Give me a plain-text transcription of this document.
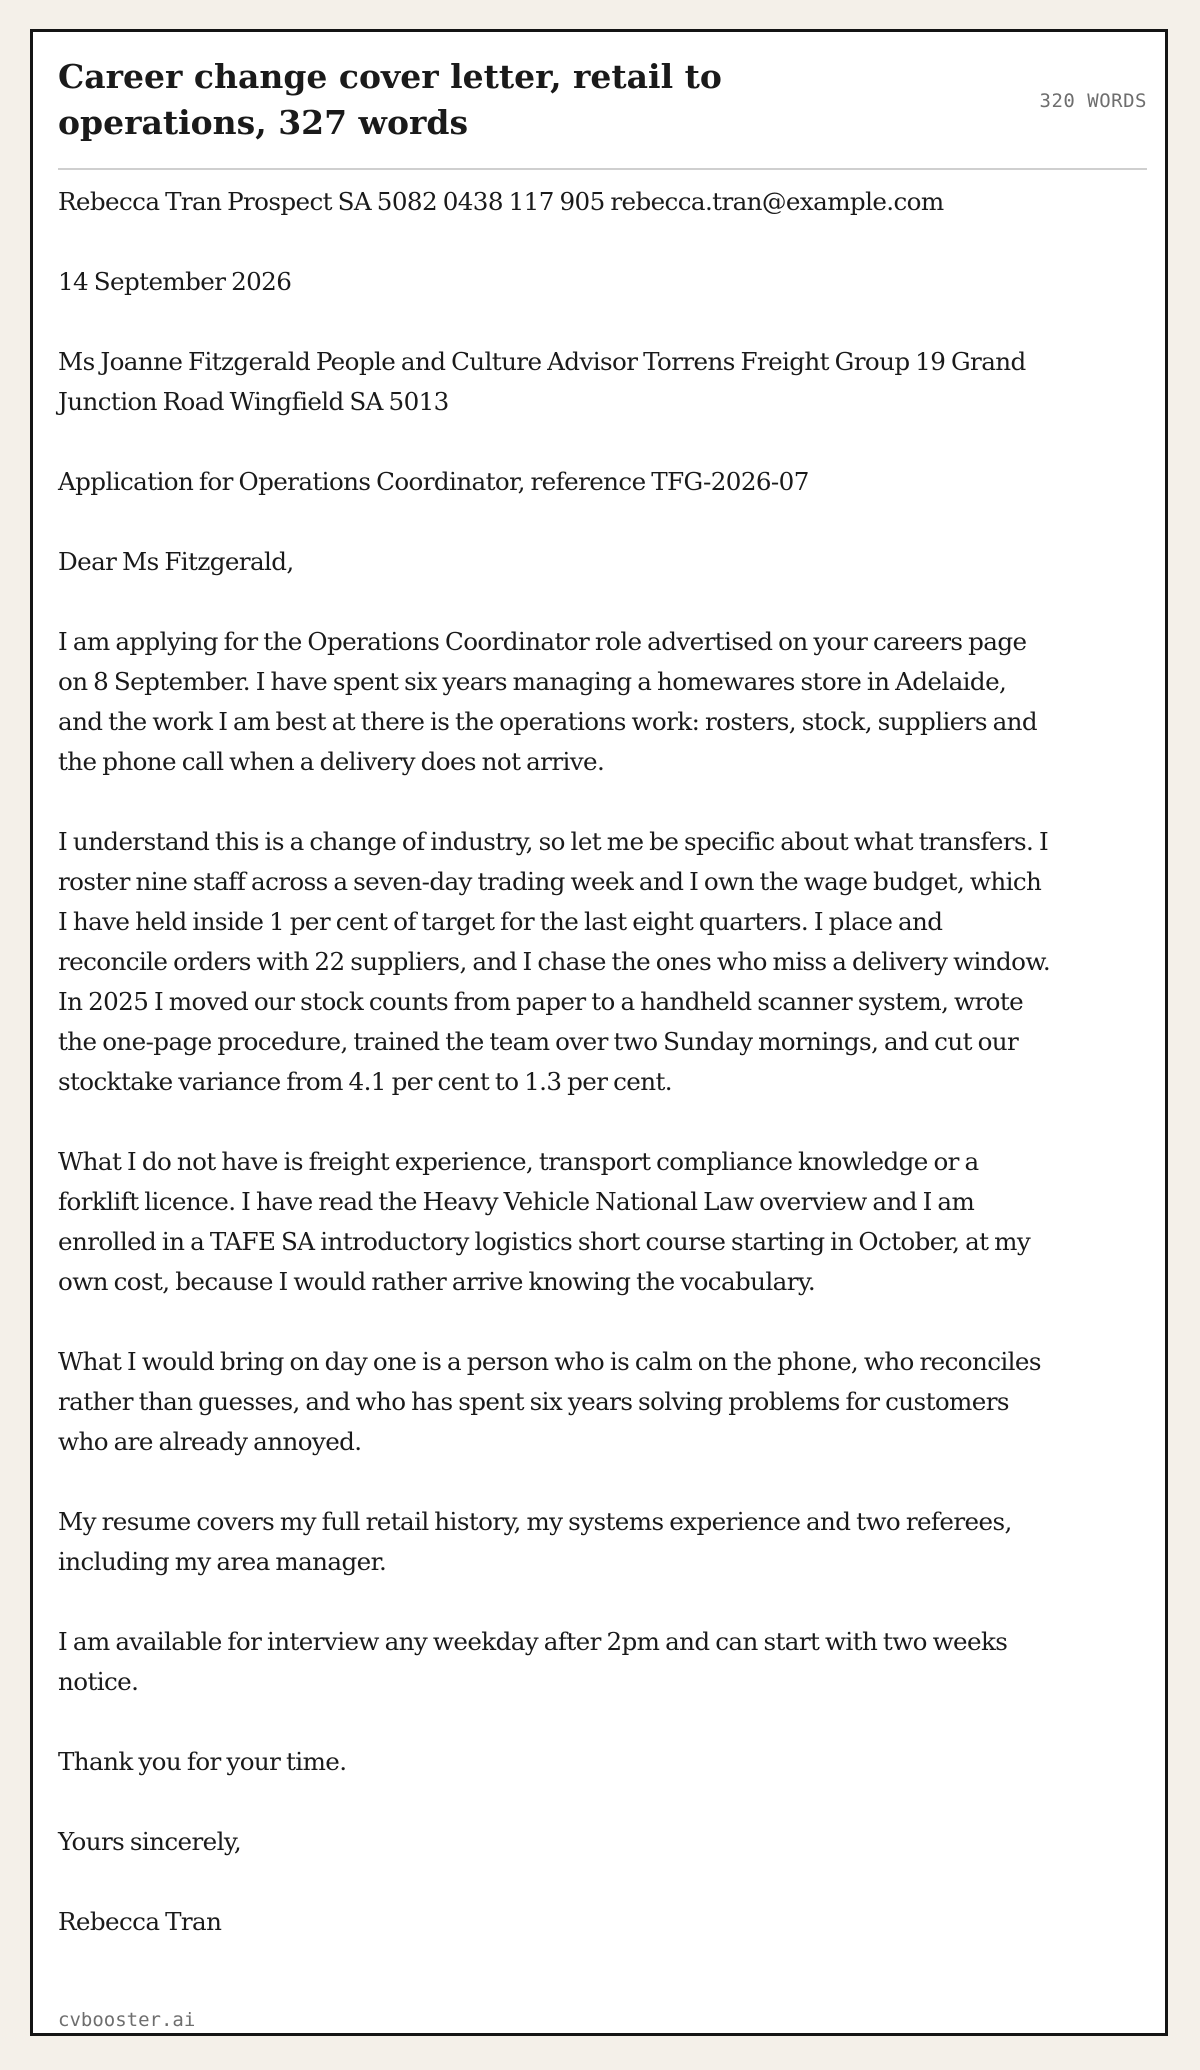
Career change cover letter, retail to operations, 327 words

320 WORDS

Rebecca Tran Prospect SA 5082 0438 117 905 rebecca.tran@example.com

14 September 2026

Ms Joanne Fitzgerald People and Culture Advisor Torrens Freight Group 19 Grand Junction Road Wingfield SA 5013

Application for Operations Coordinator, reference TFG-2026-07

Dear Ms Fitzgerald,

I am applying for the Operations Coordinator role advertised on your careers page on 8 September. I have spent six years managing a homewares store in Adelaide, and the work I am best at there is the operations work: rosters, stock, suppliers and the phone call when a delivery does not arrive.

I understand this is a change of industry, so let me be specific about what transfers. I roster nine staff across a seven-day trading week and I own the wage budget, which I have held inside 1 per cent of target for the last eight quarters. I place and reconcile orders with 22 suppliers, and I chase the ones who miss a delivery window. In 2025 I moved our stock counts from paper to a handheld scanner system, wrote the one-page procedure, trained the team over two Sunday mornings, and cut our stocktake variance from 4.1 per cent to 1.3 per cent.

What I do not have is freight experience, transport compliance knowledge or a forklift licence. I have read the Heavy Vehicle National Law overview and I am enrolled in a TAFE SA introductory logistics short course starting in October, at my own cost, because I would rather arrive knowing the vocabulary.

What I would bring on day one is a person who is calm on the phone, who reconciles rather than guesses, and who has spent six years solving problems for customers who are already annoyed.

My resume covers my full retail history, my systems experience and two referees, including my area manager.

I am available for interview any weekday after 2pm and can start with two weeks notice.

Thank you for your time.

Yours sincerely,

Rebecca Tran

cvbooster.ai
